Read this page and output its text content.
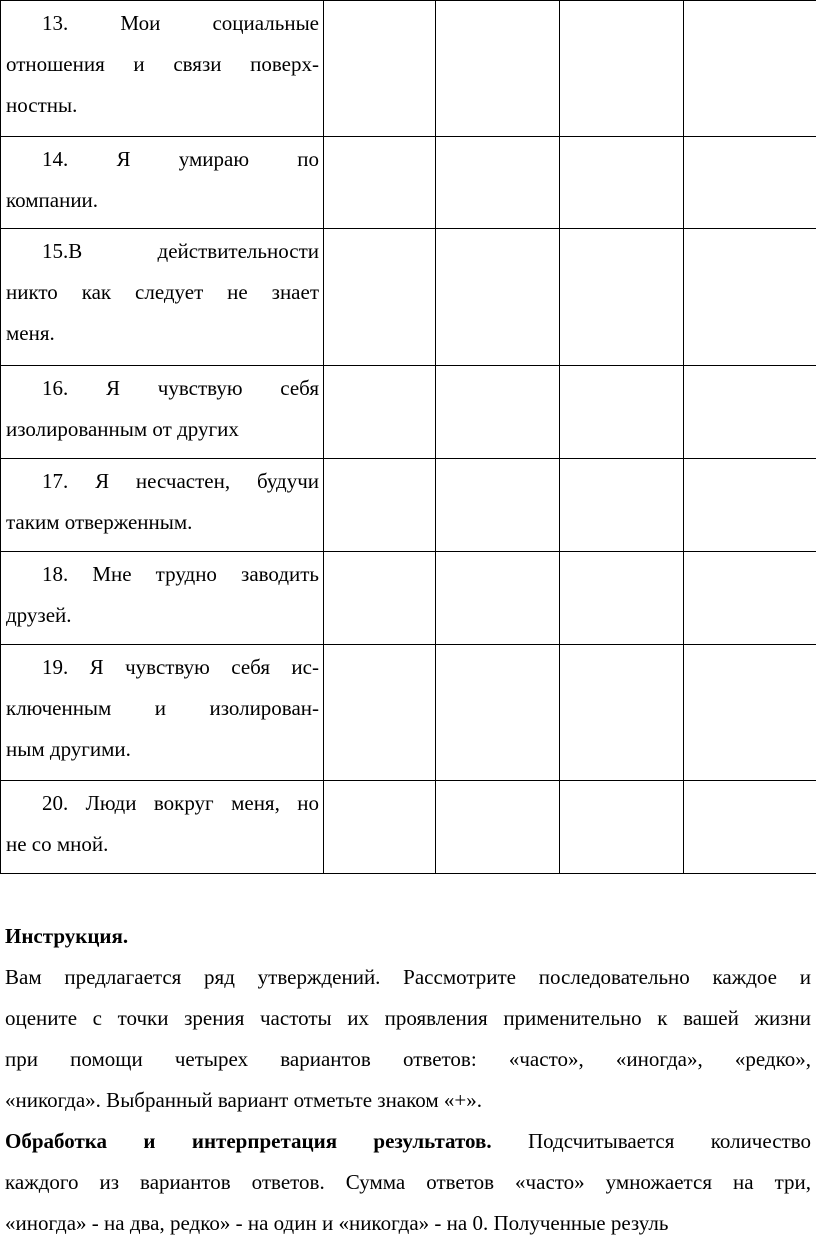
13. Мои социальные
отношения и связи поверх-
ностны.				

14. Я умираю по
компании.				

15.В действительности
никто как следует не знает
меня.				

16. Я чувствую себя
изолированным от других				

17. Я несчастен, будучи
таким отверженным.				

18. Мне трудно заводить
друзей.				

19. Я чувствую себя ис-
ключенным и изолирован-
ным другими.				

20. Люди вокруг меня, но
не со мной.				

Инструкция.
Вам предлагается ряд утверждений. Рассмотрите последовательно каждое и
оцените с точки зрения частоты их проявления применительно к вашей жизни
при помощи четырех вариантов ответов: «часто», «иногда», «редко»,
«никогда». Выбранный вариант отметьте знаком «+».
Обработка и интерпретация результатов. Подсчитывается количество
каждого из вариантов ответов. Сумма ответов «часто» умножается на три,
«иногда» - на два, редко» - на один и «никогда» - на 0. Полученные резуль
